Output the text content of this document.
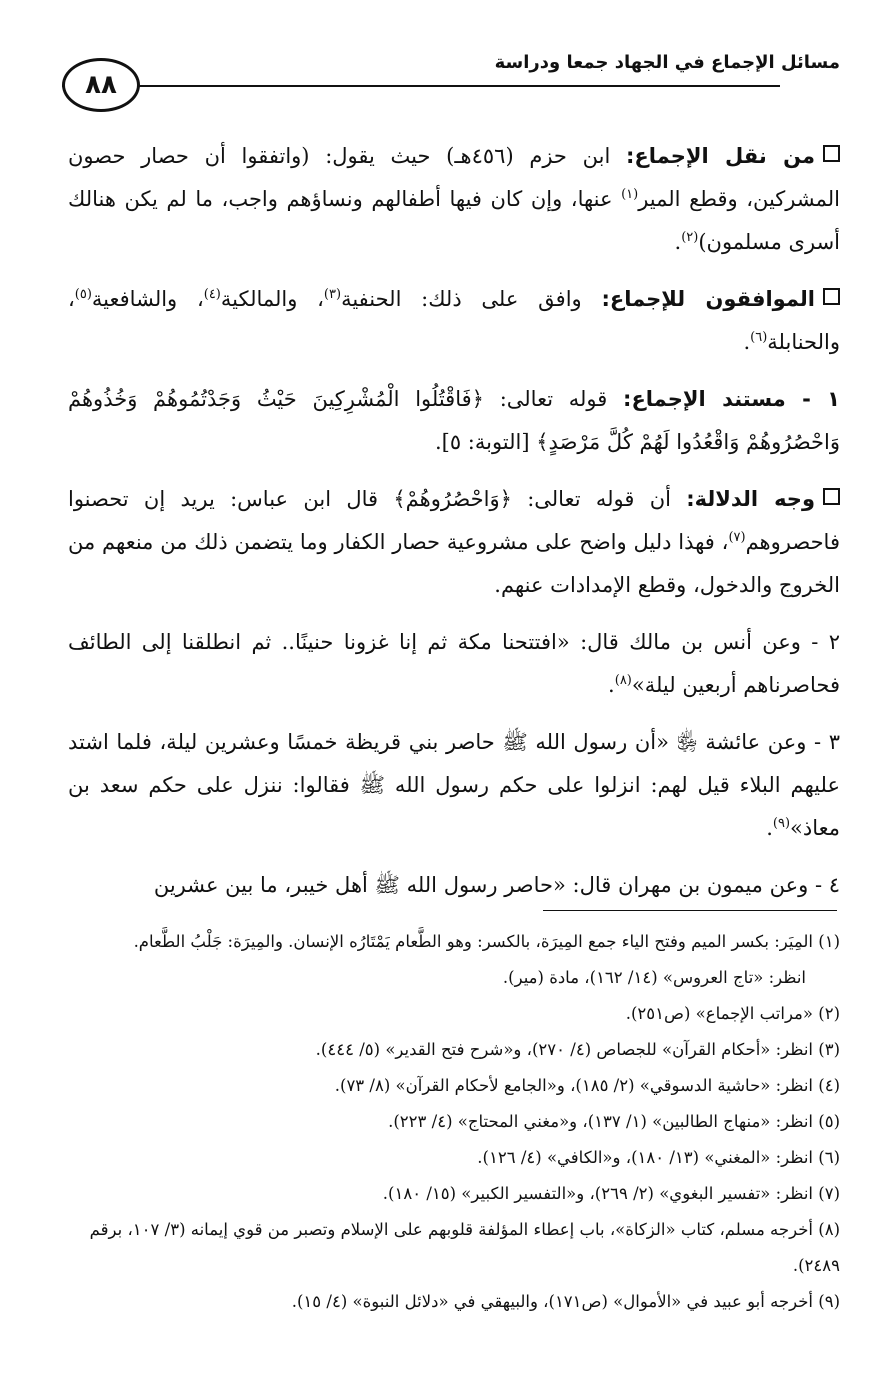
مسائل الإجماع في الجهاد جمعا ودراسة
٨٨

من نقل الإجماع: ابن حزم (٤٥٦هـ) حيث يقول: (واتفقوا أن حصار حصون المشركين، وقطع المير$^{(١)}$ عنها، وإن كان فيها أطفالهم ونساؤهم واجب، ما لم يكن هنالك أسرى مسلمون)$^{(٢)}$.

الموافقون للإجماع: وافق على ذلك: الحنفية$^{(٣)}$، والمالكية$^{(٤)}$، والشافعية$^{(٥)}$، والحنابلة$^{(٦)}$.

١ - مستند الإجماع: قوله تعالى: ﴿فَاقْتُلُوا الْمُشْرِكِينَ حَيْثُ وَجَدْتُمُوهُمْ وَخُذُوهُمْ وَاحْصُرُوهُمْ وَاقْعُدُوا لَهُمْ كُلَّ مَرْصَدٍ﴾ [التوبة: ٥].

وجه الدلالة: أن قوله تعالى: ﴿وَاحْصُرُوهُمْ﴾ قال ابن عباس: يريد إن تحصنوا فاحصروهم$^{(٧)}$، فهذا دليل واضح على مشروعية حصار الكفار وما يتضمن ذلك من منعهم من الخروج والدخول، وقطع الإمدادات عنهم.

٢ - وعن أنس بن مالك قال: «افتتحنا مكة ثم إنا غزونا حنينًا.. ثم انطلقنا إلى الطائف فحاصرناهم أربعين ليلة»$^{(٨)}$.

٣ - وعن عائشة ﵂ «أن رسول الله ﷺ حاصر بني قريظة خمسًا وعشرين ليلة، فلما اشتد عليهم البلاء قيل لهم: انزلوا على حكم رسول الله ﷺ فقالوا: ننزل على حكم سعد بن معاذ»$^{(٩)}$.

٤ - وعن ميمون بن مهران قال: «حاصر رسول الله ﷺ أهل خيبر، ما بين عشرين

(١) المِيَر: بكسر الميم وفتح الياء جمع المِيرَة، بالكسر: وهو الطَّعام يَمْتَارُه الإنسان. والمِيرَة: جَلْبُ الطَّعام.

انظر: «تاج العروس» (١٤/ ١٦٢)، مادة (مير).

(٢) «مراتب الإجماع» (ص٢٥١).

(٣) انظر: «أحكام القرآن» للجصاص (٤/ ٢٧٠)، و«شرح فتح القدير» (٥/ ٤٤٤).

(٤) انظر: «حاشية الدسوقي» (٢/ ١٨٥)، و«الجامع لأحكام القرآن» (٨/ ٧٣).

(٥) انظر: «منهاج الطالبين» (١/ ١٣٧)، و«مغني المحتاج» (٤/ ٢٢٣).

(٦) انظر: «المغني» (١٣/ ١٨٠)، و«الكافي» (٤/ ١٢٦).

(٧) انظر: «تفسير البغوي» (٢/ ٢٦٩)، و«التفسير الكبير» (١٥/ ١٨٠).

(٨) أخرجه مسلم، كتاب «الزكاة»، باب إعطاء المؤلفة قلوبهم على الإسلام وتصبر من قوي إيمانه (٣/ ١٠٧، برقم ٢٤٨٩).

(٩) أخرجه أبو عبيد في «الأموال» (ص١٧١)، والبيهقي في «دلائل النبوة» (٤/ ١٥).
